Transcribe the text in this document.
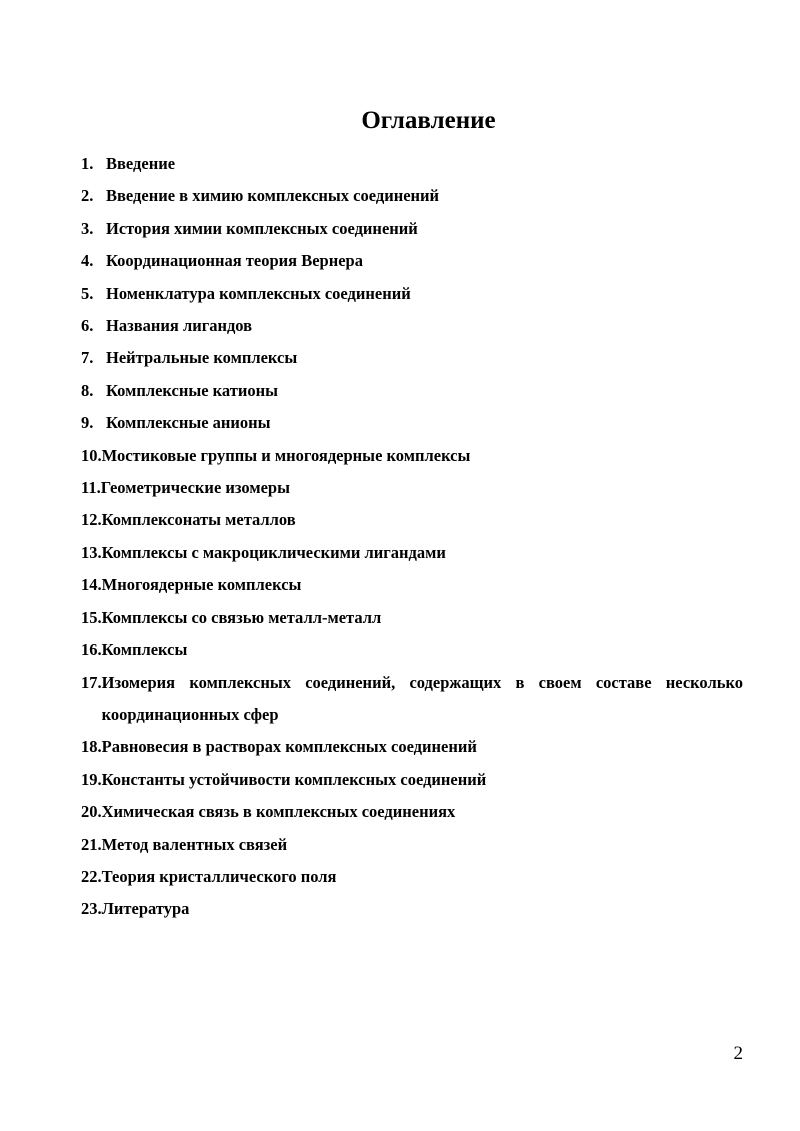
Оглавление
1. Введение
2. Введение в химию комплексных соединений
3. История химии комплексных соединений
4. Координационная теория Вернера
5. Номенклатура комплексных соединений
6. Названия лигандов
7. Нейтральные комплексы
8. Комплексные катионы
9. Комплексные анионы
10. Мостиковые группы и многоядерные комплексы
11. Геометрические изомеры
12. Комплексонаты металлов
13. Комплексы с макроциклическими лигандами
14. Многоядерные комплексы
15. Комплексы со связью металл-металл
16. Комплексы
17. Изомерия комплексных соединений, содержащих в своем составе несколько координационных сфер
18. Равновесия в растворах комплексных соединений
19. Константы устойчивости комплексных соединений
20. Химическая связь в комплексных соединениях
21. Метод валентных связей
22. Теория кристаллического поля
23. Литература
2
